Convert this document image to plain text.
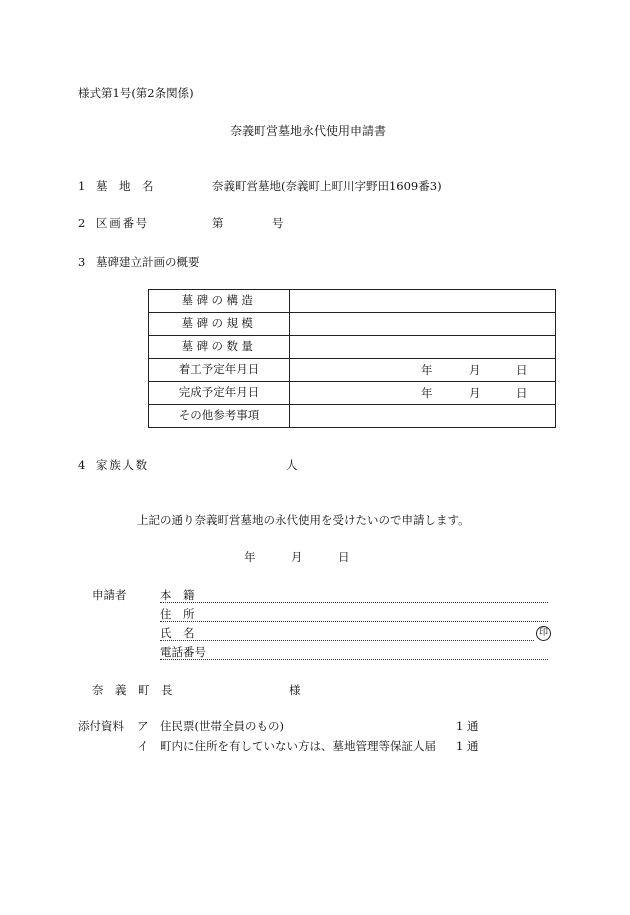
様式第1号(第2条関係)
奈義町営墓地永代使用申請書
1 墓　地　名	奈義町営墓地(奈義町上町川字野田1609番3)
2 区画番号	第	号
3 墓碑建立計画の概要
墓碑の構造	
墓碑の規模	
墓碑の数量	
着工予定年月日	年 月 日

完成予定年月日	年 月 日

その他参考事項	
4 家族人数	人
上記の通り奈義町営墓地の永代使用を受けたいので申請します。
年	月	日
申請者	本　籍
住　所
氏　名	印
電話番号
奈　義　町　長	様
添付資料 ア 住民票(世帯全員のもの)	1 通
イ 町内に住所を有していない方は、墓地管理等保証人届 1 通
